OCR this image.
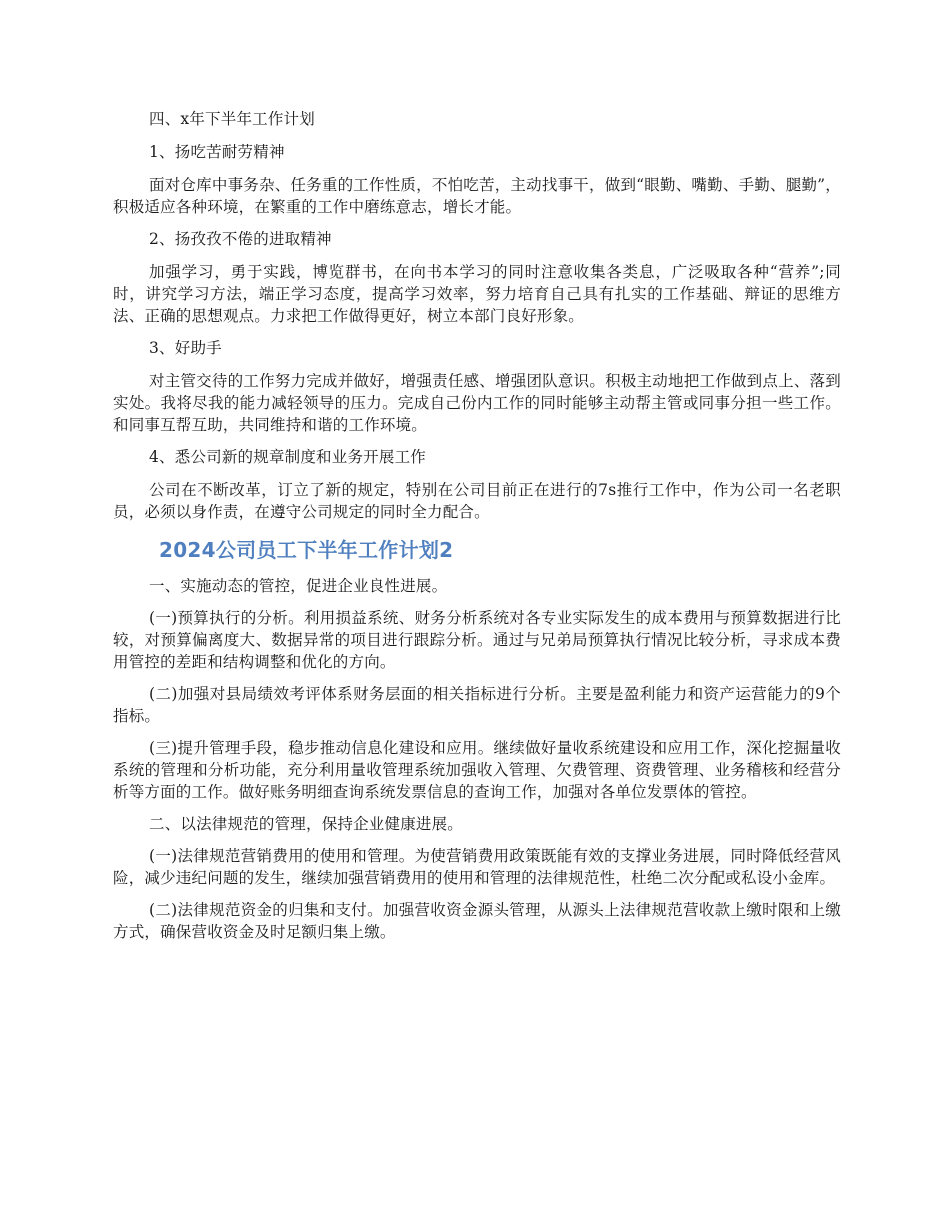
四、x年下半年工作计划

1、扬吃苦耐劳精神

面对仓库中事务杂、任务重的工作性质，不怕吃苦，主动找事干，做到“眼勤、嘴勤、手勤、腿勤”，积极适应各种环境，在繁重的工作中磨练意志，增长才能。

2、扬孜孜不倦的进取精神

加强学习，勇于实践，博览群书，在向书本学习的同时注意收集各类息，广泛吸取各种“营养”;同时，讲究学习方法，端正学习态度，提高学习效率，努力培育自己具有扎实的工作基础、辩证的思维方法、正确的思想观点。力求把工作做得更好，树立本部门良好形象。

3、好助手

对主管交待的工作努力完成并做好，增强责任感、增强团队意识。积极主动地把工作做到点上、落到实处。我将尽我的能力减轻领导的压力。完成自己份内工作的同时能够主动帮主管或同事分担一些工作。和同事互帮互助，共同维持和谐的工作环境。

4、悉公司新的规章制度和业务开展工作

公司在不断改革，订立了新的规定，特别在公司目前正在进行的7s推行工作中，作为公司一名老职员，必须以身作责，在遵守公司规定的同时全力配合。

2024公司员工下半年工作计划2

一、实施动态的管控，促进企业良性进展。

(一)预算执行的分析。利用损益系统、财务分析系统对各专业实际发生的成本费用与预算数据进行比较，对预算偏离度大、数据异常的项目进行跟踪分析。通过与兄弟局预算执行情况比较分析，寻求成本费用管控的差距和结构调整和优化的方向。

(二)加强对县局绩效考评体系财务层面的相关指标进行分析。主要是盈利能力和资产运营能力的9个指标。

(三)提升管理手段，稳步推动信息化建设和应用。继续做好量收系统建设和应用工作，深化挖掘量收系统的管理和分析功能，充分利用量收管理系统加强收入管理、欠费管理、资费管理、业务稽核和经营分析等方面的工作。做好账务明细查询系统发票信息的查询工作，加强对各单位发票体的管控。

二、以法律规范的管理，保持企业健康进展。

(一)法律规范营销费用的使用和管理。为使营销费用政策既能有效的支撑业务进展，同时降低经营风险，减少违纪问题的发生，继续加强营销费用的使用和管理的法律规范性，杜绝二次分配或私设小金库。

(二)法律规范资金的归集和支付。加强营收资金源头管理，从源头上法律规范营收款上缴时限和上缴方式，确保营收资金及时足额归集上缴。
